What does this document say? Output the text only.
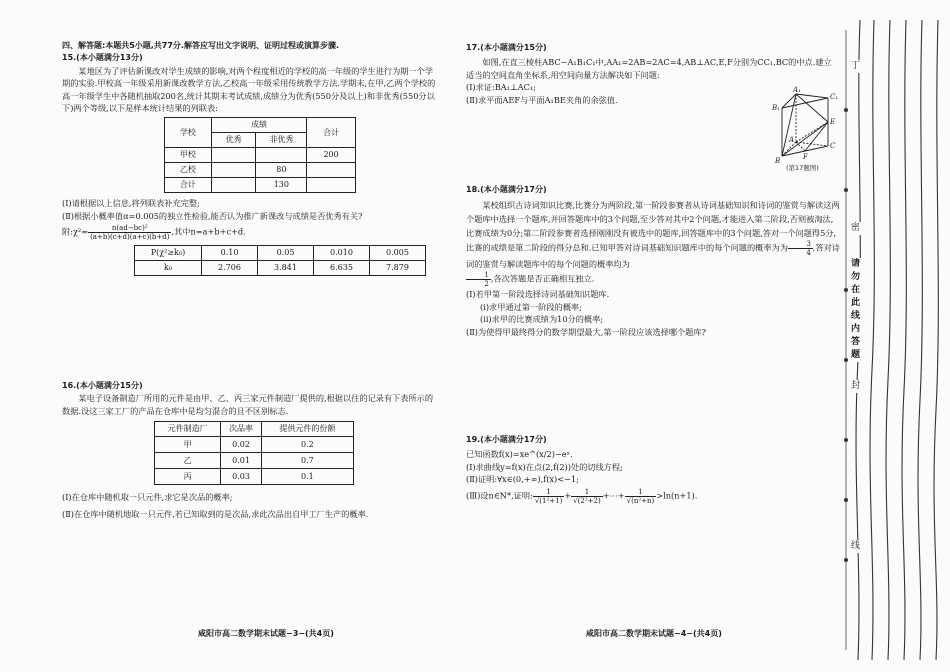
四、解答题:本题共5小题,共77分.解答应写出文字说明、证明过程或演算步骤.

15.(本小题满分13分)

某地区为了评估新课改对学生成绩的影响,对两个程度相近的学校的高一年级的学生进行为期一个学期的实验.甲校高一年级采用新课改教学方法,乙校高一年级采用传统教学方法.学期末,在甲,乙两个学校的高一年级学生中各随机抽取200名,统计其期末考试成绩,成绩分为优秀(550分及以上)和非优秀(550分以下)两个等级,以下是样本统计结果的列联表:

学校	成绩		合计
	优秀	非优秀	
甲校			200
乙校		80	
合计		130	

(Ⅰ)请根据以上信息,将列联表补充完整;

(Ⅱ)根据小概率值α=0.005的独立性检验,能否认为推广新课改与成绩是否优秀有关?

附:χ²= $\frac{\text{n(ad−bc)²}}{(a+b)(c+d)(a+c)(b+d)}$ ,其中n=a+b+c+d.

P(χ²≥k₀)	0.10	0.05	0.010	0.005
k₀	2.706	3.841	6.635	7.879

16.(本小题满分15分)

某电子设备制造厂所用的元件是由甲、乙、丙三家元件制造厂提供的,根据以往的记录有下表所示的数据.设这三家工厂的产品在仓库中是均匀混合的且不区别标志.

元件制造厂	次品率	提供元件的份额
甲	0.02	0.2
乙	0.01	0.7
丙	0.03	0.1

(Ⅰ)在仓库中随机取一只元件,求它是次品的概率;

(Ⅱ)在仓库中随机地取一只元件,若已知取到的是次品,求此次品出自甲工厂生产的概率.

咸阳市高二数学期末试题−3−(共4页)

17.(本小题满分15分)

如图,在直三棱柱ABC−A₁B₁C₁中,AA₁=2AB=2AC=4,AB⊥AC,E,F分别为CC₁,BC的中点.建立适当的空间直角坐标系,用空间向量方法解决如下问题:

(Ⅰ)求证:BA₁⊥AC₁;

(Ⅱ)求平面AEF与平面A₁BE夹角的余弦值.

A₁
B₁
C₁
E
A
C
B	F
(第17题图)

18.(本小题满分17分)

某校组织古诗词知识比赛,比赛分为两阶段,第一阶段参赛者从诗词基础知识和诗词的鉴赏与解读这两个题库中选择一个题库,并回答题库中的3个问题,至少答对其中2个问题,才能进入第二阶段,否则被淘汰,比赛成绩为0分;第二阶段参赛者选择刚刚没有被选中的题库,回答题库中的3个问题,答对一个问题得5分,比赛的成绩是第二阶段的得分总和.已知甲答对诗词基础知识题库中的每个问题的概率为为 $\frac{3}{4}$ ,答对诗词的鉴赏与解读题库中的每个问题的概率均为

$\frac{1}{2}$ ,各次答题是否正确相互独立.

(Ⅰ)若甲第一阶段选择诗词基础知识题库.

(i)求甲通过第一阶段的概率;

(ii)求甲的比赛成绩为10分的概率;

(Ⅱ)为使得甲最终得分的数学期望最大,第一阶段应该选择哪个题库?

19.(本小题满分17分)

已知函数f(x)=xe^(x/2)−eˣ.

(Ⅰ)求曲线y=f(x)在点(2,f(2))处的切线方程;

(Ⅱ)证明:∀x∈(0,+∞),f(x)<−1;

(Ⅲ)设n∈N*,证明: $\frac{1}{\text{√(1²+1)}} + \frac{1}{\text{√(2²+2)}}$ +⋯+ $\frac{1}{\text{√(n²+n)}} >\ln(n+1)$.

咸阳市高二数学期末试题−4−(共4页)
丁
密
请勿在此线内答题
封
线
